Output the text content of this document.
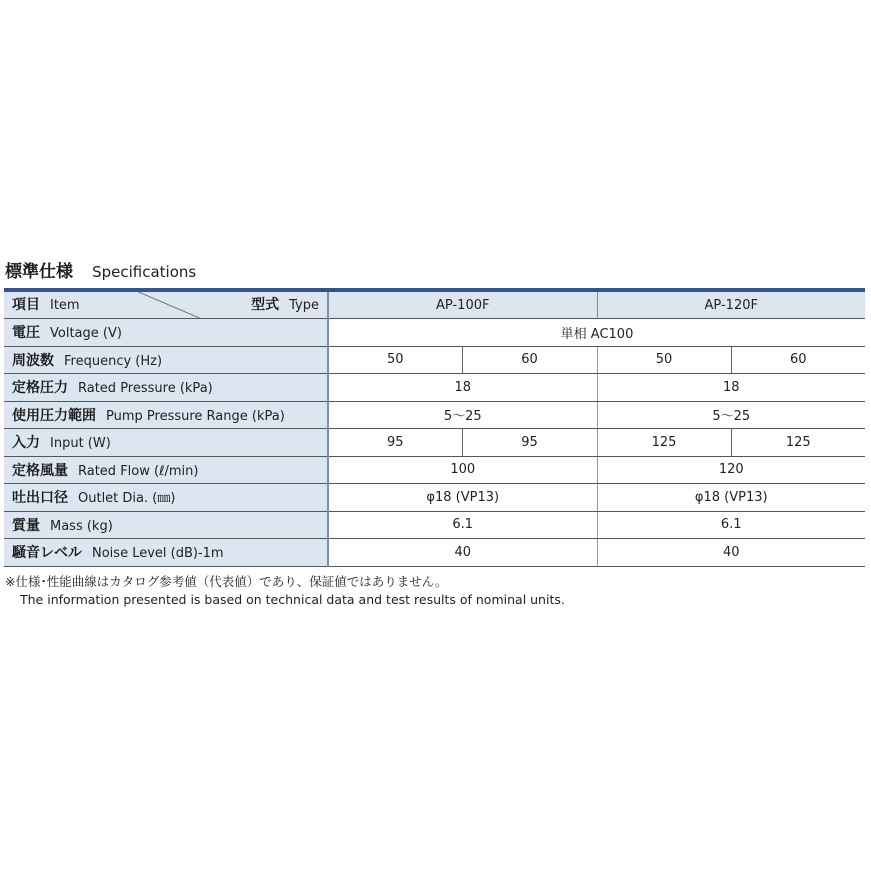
標準仕様 Specifications
項目 Item 型式 Type	AP-100F		AP-120F	
電圧 Voltage (V)	単相 AC100			
周波数 Frequency (Hz)	50	60	50	60
定格圧力 Rated Pressure (kPa)	18		18	
使用圧力範囲 Pump Pressure Range (kPa)	5～25		5～25	
入力 Input (W)	95	95	125	125
定格風量 Rated Flow (ℓ/min)	100		120	
吐出口径 Outlet Dia. (㎜)	φ18 (VP13)		φ18 (VP13)	
質量 Mass (kg)	6.1		6.1	
騒音レベル Noise Level (dB)-1m	40		40	
※仕様･性能曲線はカタログ参考値（代表値）であり、保証値ではありません。
The information presented is based on technical data and test results of nominal units.
